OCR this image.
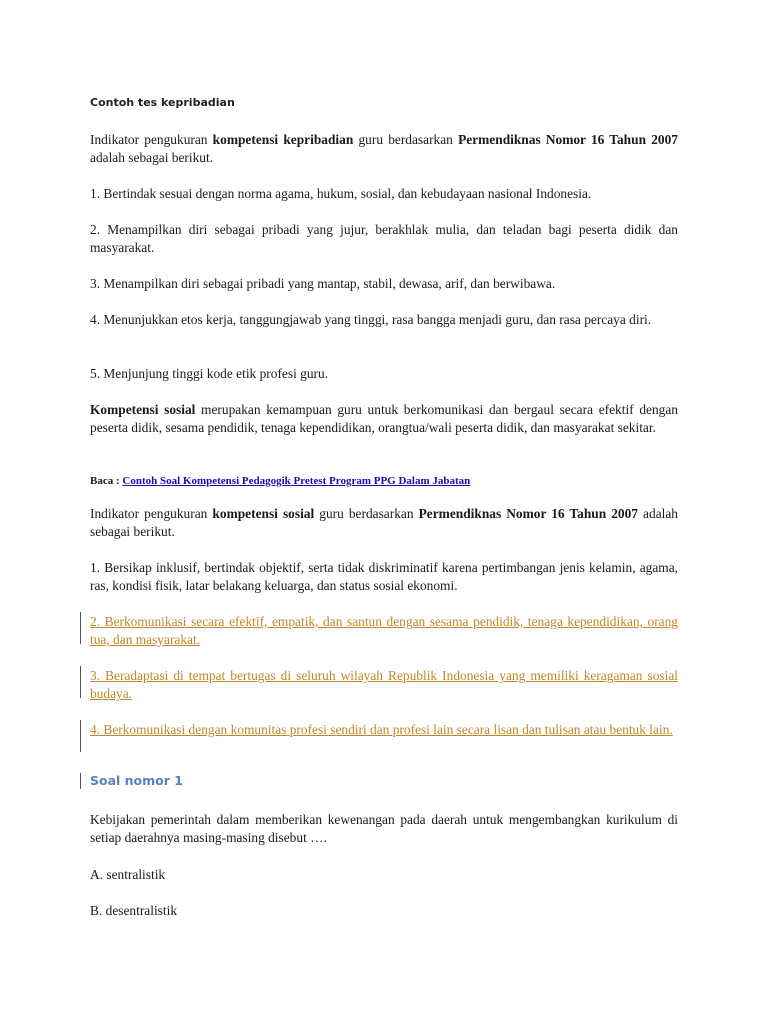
Contoh tes kepribadian

Indikator pengukuran kompetensi kepribadian guru berdasarkan Permendiknas Nomor 16 Tahun 2007 adalah sebagai berikut.

1. Bertindak sesuai dengan norma agama, hukum, sosial, dan kebudayaan nasional Indonesia.

2. Menampilkan diri sebagai pribadi yang jujur, berakhlak mulia, dan teladan bagi peserta didik dan masyarakat.

3. Menampilkan diri sebagai pribadi yang mantap, stabil, dewasa, arif, dan berwibawa.

4. Menunjukkan etos kerja, tanggungjawab yang tinggi, rasa bangga menjadi guru, dan rasa percaya diri.

5. Menjunjung tinggi kode etik profesi guru.

Kompetensi sosial merupakan kemampuan guru untuk berkomunikasi dan bergaul secara efektif dengan peserta didik, sesama pendidik, tenaga kependidikan, orangtua/wali peserta didik, dan masyarakat sekitar.

Baca : Contoh Soal Kompetensi Pedagogik Pretest Program PPG Dalam Jabatan

Indikator pengukuran kompetensi sosial guru berdasarkan Permendiknas Nomor 16 Tahun 2007 adalah sebagai berikut.

1. Bersikap inklusif, bertindak objektif, serta tidak diskriminatif karena pertimbangan jenis kelamin, agama, ras, kondisi fisik, latar belakang keluarga, dan status sosial ekonomi.

2. Berkomunikasi secara efektif, empatik, dan santun dengan sesama pendidik, tenaga kependidikan, orang tua, dan masyarakat.

3. Beradaptasi di tempat bertugas di seluruh wilayah Republik Indonesia yang memiliki keragaman sosial budaya.

4. Berkomunikasi dengan komunitas profesi sendiri dan profesi lain secara lisan dan tulisan atau bentuk lain.

Soal nomor 1

Kebijakan pemerintah dalam memberikan kewenangan pada daerah untuk mengembangkan kurikulum di setiap daerahnya masing-masing disebut ….

A. sentralistik

B. desentralistik
